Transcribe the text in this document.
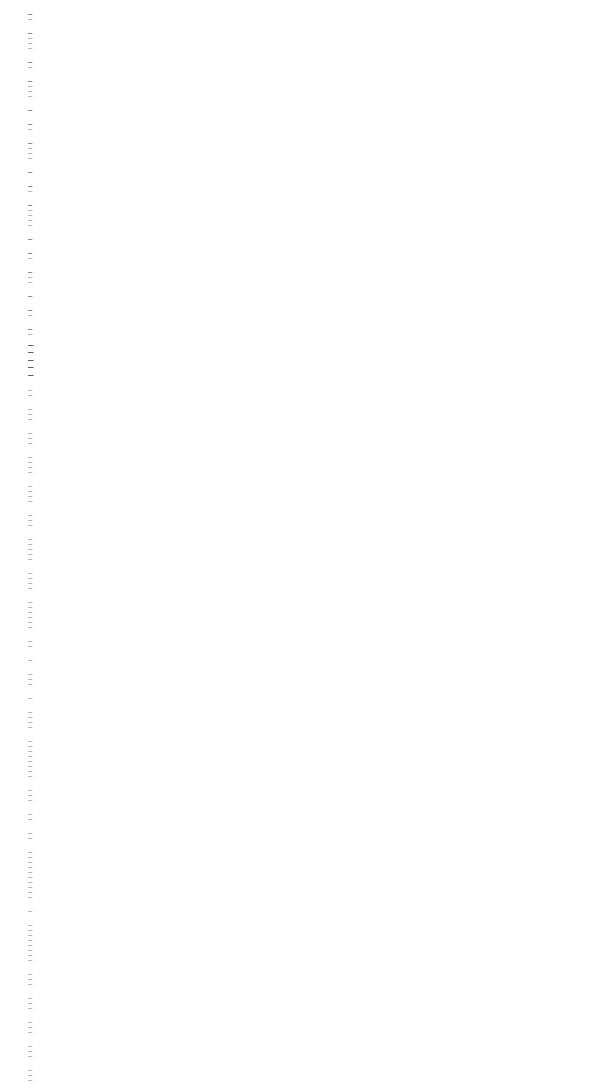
—
—
—
—
—
—
—
—
—
—
—
—
—
—
—
—
—
—
—
—
—
—
—
—
—
—
—
—
—
—
—
—
—
—
—
—
—
—
—
—
—
—
—
—
—
—
—
—
—
—
—
—
—
—
—
—
—
—
—
—
—
—
—
—
—
—
—
—
—
—
—
—
—
—
—
—
—
—
—
—
—
—
—
—
—
—
—
—
—
—
—
—
—
—
—
—
—
—
—
—
—
—
—
—
—
—
—
—
—
—
—
—
—
—
—
—
—
—
—
—
—
—
—
—
—
—
—
—
—
—
—
—
—
—
—
—
—
